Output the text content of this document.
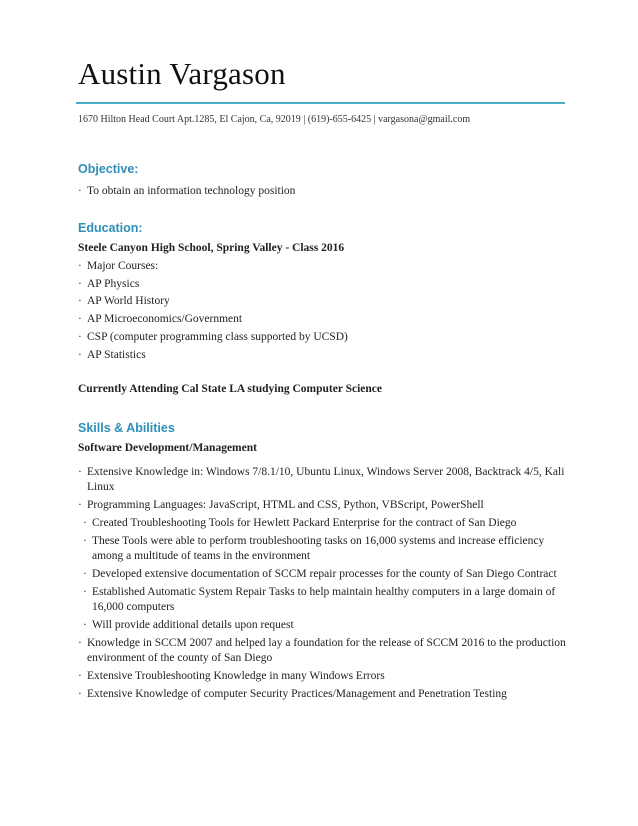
Austin Vargason
1670 Hilton Head Court Apt.1285, El Cajon, Ca, 92019 | (619)-655-6425 | vargasona@gmail.com
Objective:
· To obtain an information technology position
Education:
Steele Canyon High School, Spring Valley - Class 2016
· Major Courses:
· AP Physics
· AP World History
· AP Microeconomics/Government
· CSP (computer programming class supported by UCSD)
· AP Statistics
Currently Attending Cal State LA studying Computer Science
Skills & Abilities
Software Development/Management
· Extensive Knowledge in: Windows 7/8.1/10, Ubuntu Linux, Windows Server 2008, Backtrack 4/5, Kali
Linux
· Programming Languages: JavaScript, HTML and CSS, Python, VBScript, PowerShell
· Created Troubleshooting Tools for Hewlett Packard Enterprise for the contract of San Diego
· These Tools were able to perform troubleshooting tasks on 16,000 systems and increase efficiency
among a multitude of teams in the environment
· Developed extensive documentation of SCCM repair processes for the county of San Diego Contract
· Established Automatic System Repair Tasks to help maintain healthy computers in a large domain of
16,000 computers
· Will provide additional details upon request
· Knowledge in SCCM 2007 and helped lay a foundation for the release of SCCM 2016 to the production
environment of the county of San Diego
· Extensive Troubleshooting Knowledge in many Windows Errors
· Extensive Knowledge of computer Security Practices/Management and Penetration Testing
